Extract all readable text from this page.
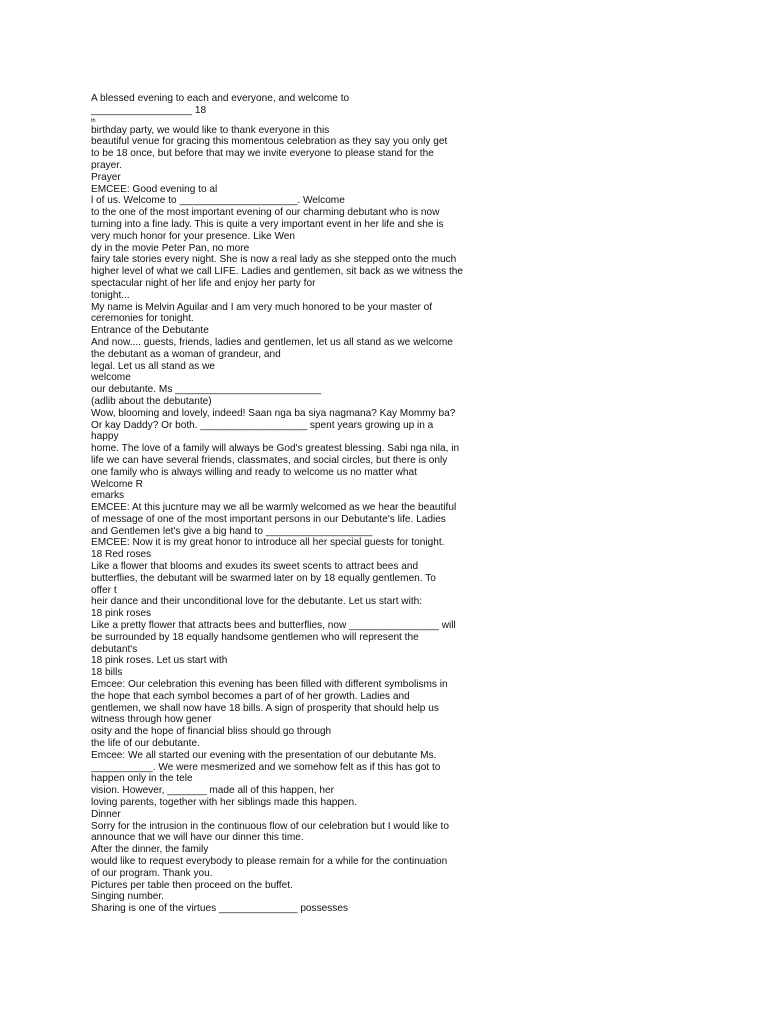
A blessed evening to each and everyone, and welcome to
__________________ 18
th
birthday party, we would like to thank everyone in this
beautiful venue for gracing this momentous celebration as they say you only get
to be 18 once, but before that may we invite everyone to please stand for the
prayer.
Prayer
EMCEE: Good evening to al
l of us. Welcome to _____________________. Welcome
to the one of the most important evening of our charming debutant who is now
turning into a fine lady. This is quite a very important event in her life and she is
very much honor for your presence. Like Wen
dy in the movie Peter Pan, no more
fairy tale stories every night. She is now a real lady as she stepped onto the much
higher level of what we call LIFE. Ladies and gentlemen, sit back as we witness the
spectacular night of her life and enjoy her party for
tonight...
My name is Melvin Aguilar and I am very much honored to be your master of
ceremonies for tonight.
Entrance of the Debutante
And now.... guests, friends, ladies and gentlemen, let us all stand as we welcome
the debutant as a woman of grandeur, and
legal. Let us all stand as we
welcome
our debutante. Ms __________________________
(adlib about the debutante)
Wow, blooming and lovely, indeed! Saan nga ba siya nagmana? Kay Mommy ba?
Or kay Daddy? Or both. ___________________ spent years growing up in a
happy
home. The love of a family will always be God's greatest blessing. Sabi nga nila, in
life we can have several friends, classmates, and social circles, but there is only
one family who is always willing and ready to welcome us no matter what
Welcome R
emarks
EMCEE: At this jucnture may we all be warmly welcomed as we hear the beautiful
of message of one of the most important persons in our Debutante's life. Ladies
and Gentlemen let's give a big hand to ___________________
EMCEE: Now it is my great honor to introduce all her special guests for tonight.
18 Red roses
Like a flower that blooms and exudes its sweet scents to attract bees and
butterflies, the debutant will be swarmed later on by 18 equally gentlemen. To
offer t
heir dance and their unconditional love for the debutante. Let us start with:
18 pink roses
Like a pretty flower that attracts bees and butterflies, now ________________ will
be surrounded by 18 equally handsome gentlemen who will represent the
debutant's
18 pink roses. Let us start with
18 bills
Emcee: Our celebration this evening has been filled with different symbolisms in
the hope that each symbol becomes a part of of her growth. Ladies and
gentlemen, we shall now have 18 bills. A sign of prosperity that should help us
witness through how gener
osity and the hope of financial bliss should go through
the life of our debutante.
Emcee: We all started our evening with the presentation of our debutante Ms.
___________. We were mesmerized and we somehow felt as if this has got to
happen only in the tele
vision. However, _______ made all of this happen, her
loving parents, together with her siblings made this happen.
Dinner
Sorry for the intrusion in the continuous flow of our celebration but I would like to
announce that we will have our dinner this time.
After the dinner, the family
would like to request everybody to please remain for a while for the continuation
of our program. Thank you.
Pictures per table then proceed on the buffet.
Singing number.
Sharing is one of the virtues ______________ possesses
